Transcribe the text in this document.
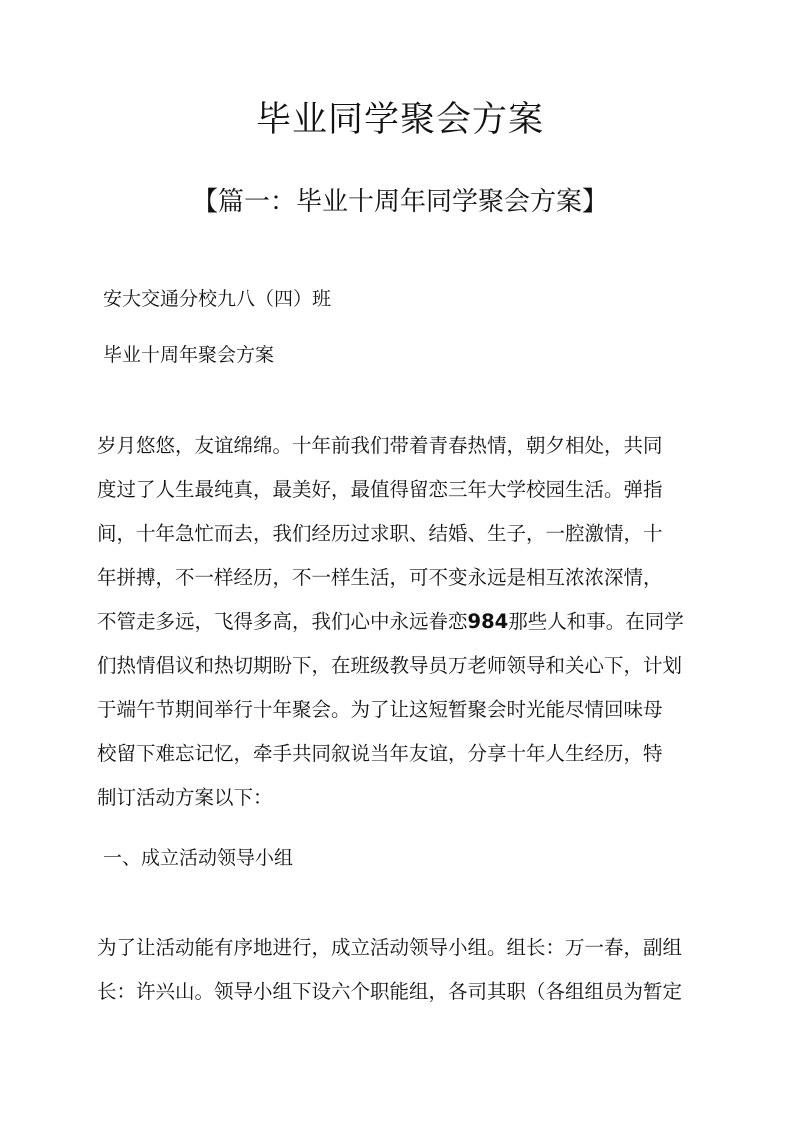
毕业同学聚会方案
【篇一：毕业十周年同学聚会方案】
安大交通分校九八（四）班
毕业十周年聚会方案
岁月悠悠，友谊绵绵。十年前我们带着青春热情，朝夕相处，共同
度过了人生最纯真，最美好，最值得留恋三年大学校园生活。弹指
间，十年急忙而去，我们经历过求职、结婚、生子，一腔激情，十
年拼搏，不一样经历，不一样生活，可不变永远是相互浓浓深情，
不管走多远，飞得多高，我们心中永远眷恋984那些人和事。在同学
们热情倡议和热切期盼下，在班级教导员万老师领导和关心下，计划
于端午节期间举行十年聚会。为了让这短暂聚会时光能尽情回味母
校留下难忘记忆，牵手共同叙说当年友谊，分享十年人生经历，特
制订活动方案以下：
一、成立活动领导小组
为了让活动能有序地进行，成立活动领导小组。组长：万一春，副组
长：许兴山。领导小组下设六个职能组，各司其职（各组组员为暂定
